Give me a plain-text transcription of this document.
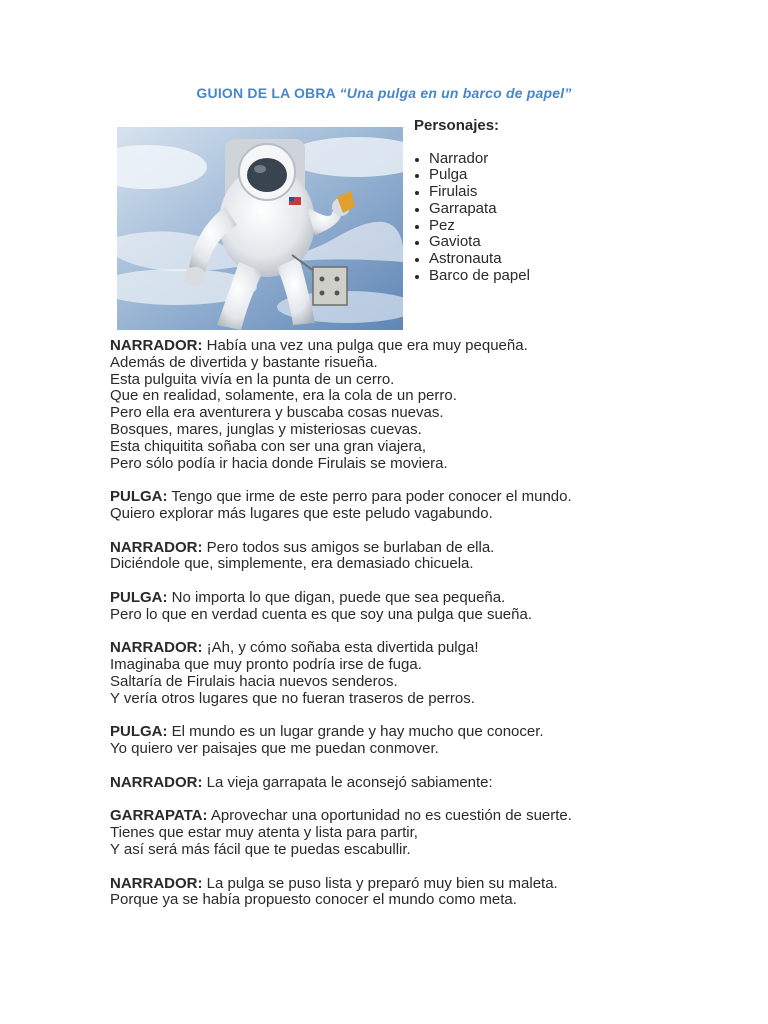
GUION DE LA OBRA “Una pulga en un barco de papel”
Personajes:
Narrador
Pulga
Firulais
Garrapata
Pez
Gaviota
Astronauta
Barco de papel
NARRADOR: Había una vez una pulga que era muy pequeña.
Además de divertida y bastante risueña.
Esta pulguita vivía en la punta de un cerro.
Que en realidad, solamente, era la cola de un perro.
Pero ella era aventurera y buscaba cosas nuevas.
Bosques, mares, junglas y misteriosas cuevas.
Esta chiquitita soñaba con ser una gran viajera,
Pero sólo podía ir hacia donde Firulais se moviera.
PULGA: Tengo que irme de este perro para poder conocer el mundo.
Quiero explorar más lugares que este peludo vagabundo.
NARRADOR: Pero todos sus amigos se burlaban de ella.
Diciéndole que, simplemente, era demasiado chicuela.
PULGA: No importa lo que digan, puede que sea pequeña.
Pero lo que en verdad cuenta es que soy una pulga que sueña.
NARRADOR: ¡Ah, y cómo soñaba esta divertida pulga!
Imaginaba que muy pronto podría irse de fuga.
Saltaría de Firulais hacia nuevos senderos.
Y vería otros lugares que no fueran traseros de perros.
PULGA: El mundo es un lugar grande y hay mucho que conocer.
Yo quiero ver paisajes que me puedan conmover.
NARRADOR: La vieja garrapata le aconsejó sabiamente:
GARRAPATA: Aprovechar una oportunidad no es cuestión de suerte.
Tienes que estar muy atenta y lista para partir,
Y así será más fácil que te puedas escabullir.
NARRADOR: La pulga se puso lista y preparó muy bien su maleta.
Porque ya se había propuesto conocer el mundo como meta.
